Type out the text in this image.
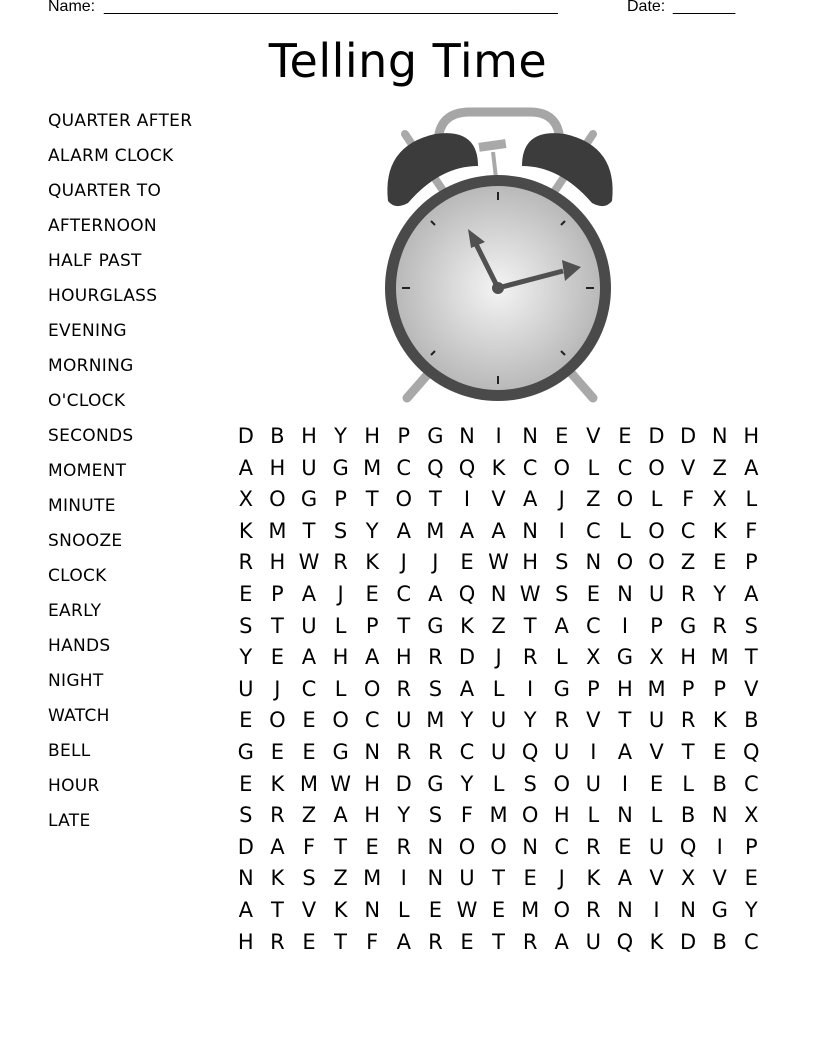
Name: ___________________________________________________	Date: _______
Telling Time
QUARTER AFTER
ALARM CLOCK
QUARTER TO
AFTERNOON
HALF PAST
HOURGLASS
EVENING
MORNING
O'CLOCK
SECONDS
MOMENT
MINUTE
SNOOZE
CLOCK
EARLY
HANDS
NIGHT
WATCH
BELL
HOUR
LATE
D B H Y H P G N I N E V E D D N H
A H U G M C Q Q K C O L C O V Z A
X O G P T O T	I	V A	J	Z O L F X L
K M T S Y A M A A N I	C L O C K F
R H W R K	J	J	E W H S N O O Z E P
E P A	J	E C A Q N W S E N U R Y A
S T U L P T G K Z T A C	I	P G R S
Y E A H A H R D J	R L X G X H M T
U J	C L O R S A L	I G P H M P P V
E O E O C U M Y U Y R V T U R K B
G E E G N R R C U Q U I	A V T E Q
E K M W H D G Y L S O U I	E L B C
S R Z A H Y S F M O H L N L B N X
D A F T E R N O O N C R E U Q I	P
N K S Z M I N U T E	J	K A V X V E
A T V K N L E W E M O R N I N G Y
H R E T F A R E T R A U Q K D B C
